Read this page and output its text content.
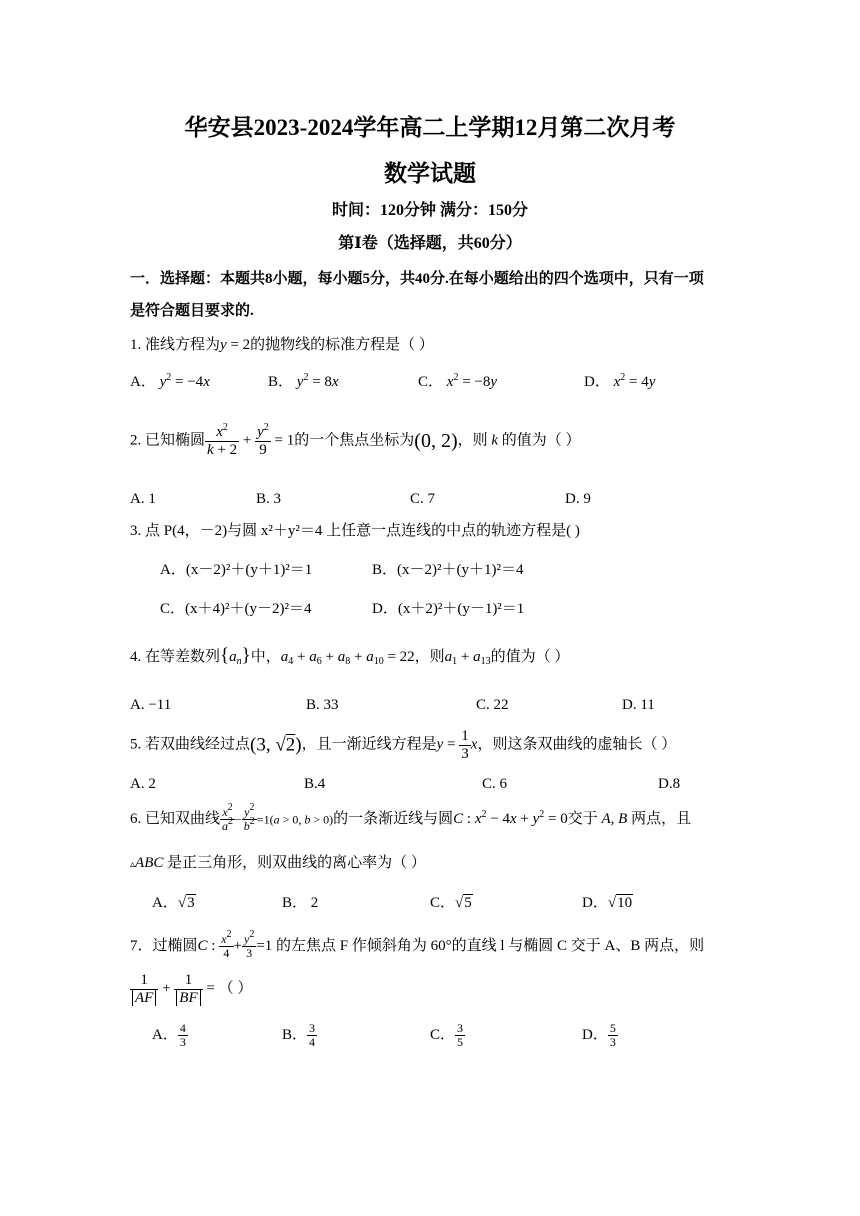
华安县2023-2024学年高二上学期12月第二次月考
数学试题
时间：120分钟 满分：150分
第Ⅰ卷（选择题，共60分）
一．选择题：本题共8小题，每小题5分，共40分.在每小题给出的四个选项中，只有一项
是符合题目要求的.
1. 准线方程为y = 2的抛物线的标准方程是（ ）
A． $y^2 = -4x$	B． $y^2 = 8x$	C． $x^2 = -8y$	D． $x^2 = 4y$
2. 已知椭圆 $\frac{x^2}{k + 2} + \frac{y^2}{9} = 1$的一个焦点坐标为(0, 2)，则 k 的值为（ ）
A. 1	B. 3	C. 7	D. 9
3. 点 P(4，－2)与圆 x²＋y²＝4 上任意一点连线的中点的轨迹方程是( )
A．(x－2)²＋(y＋1)²＝1	B．(x－2)²＋(y＋1)²＝4
C．(x＋4)²＋(y－2)²＝4	D．(x＋2)²＋(y－1)²＝1
4. 在等差数列$\{a_n\}$中，$a_4 + a_6 + a_8 + a_{10} = 22$，则$a_1 + a_{13}$的值为（ ）
A. −11	B. 33	C. 22	D. 11
5. 若双曲线经过点(3, √2)，且一渐近线方程是$y = \frac{1}{3}$ x，则这条双曲线的虚轴长（ ）
A. 2	B.4	C. 6	D.8
6. 已知双曲线 $\frac{x^2}{a^2} - \frac{y^2}{b^2} =1(a > 0$, b > 0)的一条渐近线与圆C : $x^2 - 4x + y^2 = 0$交于 A, B 两点，且
▵ABC 是正三角形，则双曲线的离心率为（ ）
A．√3	B． 2	C．√5	D．√10
7．过椭圆C : $\frac{x^2}{4} + \frac{y^2}{3} =1$ 的左焦点 F 作倾斜角为 60°的直线 l 与椭圆 C 交于 A、B 两点，则
$\frac{1}{AF} + \frac{1}{BF}$ = （ ）
A． $\frac{4}{3}$	B． $\frac{3}{4}$	C． $\frac{3}{5}$	D． $\frac{5}{3}$
